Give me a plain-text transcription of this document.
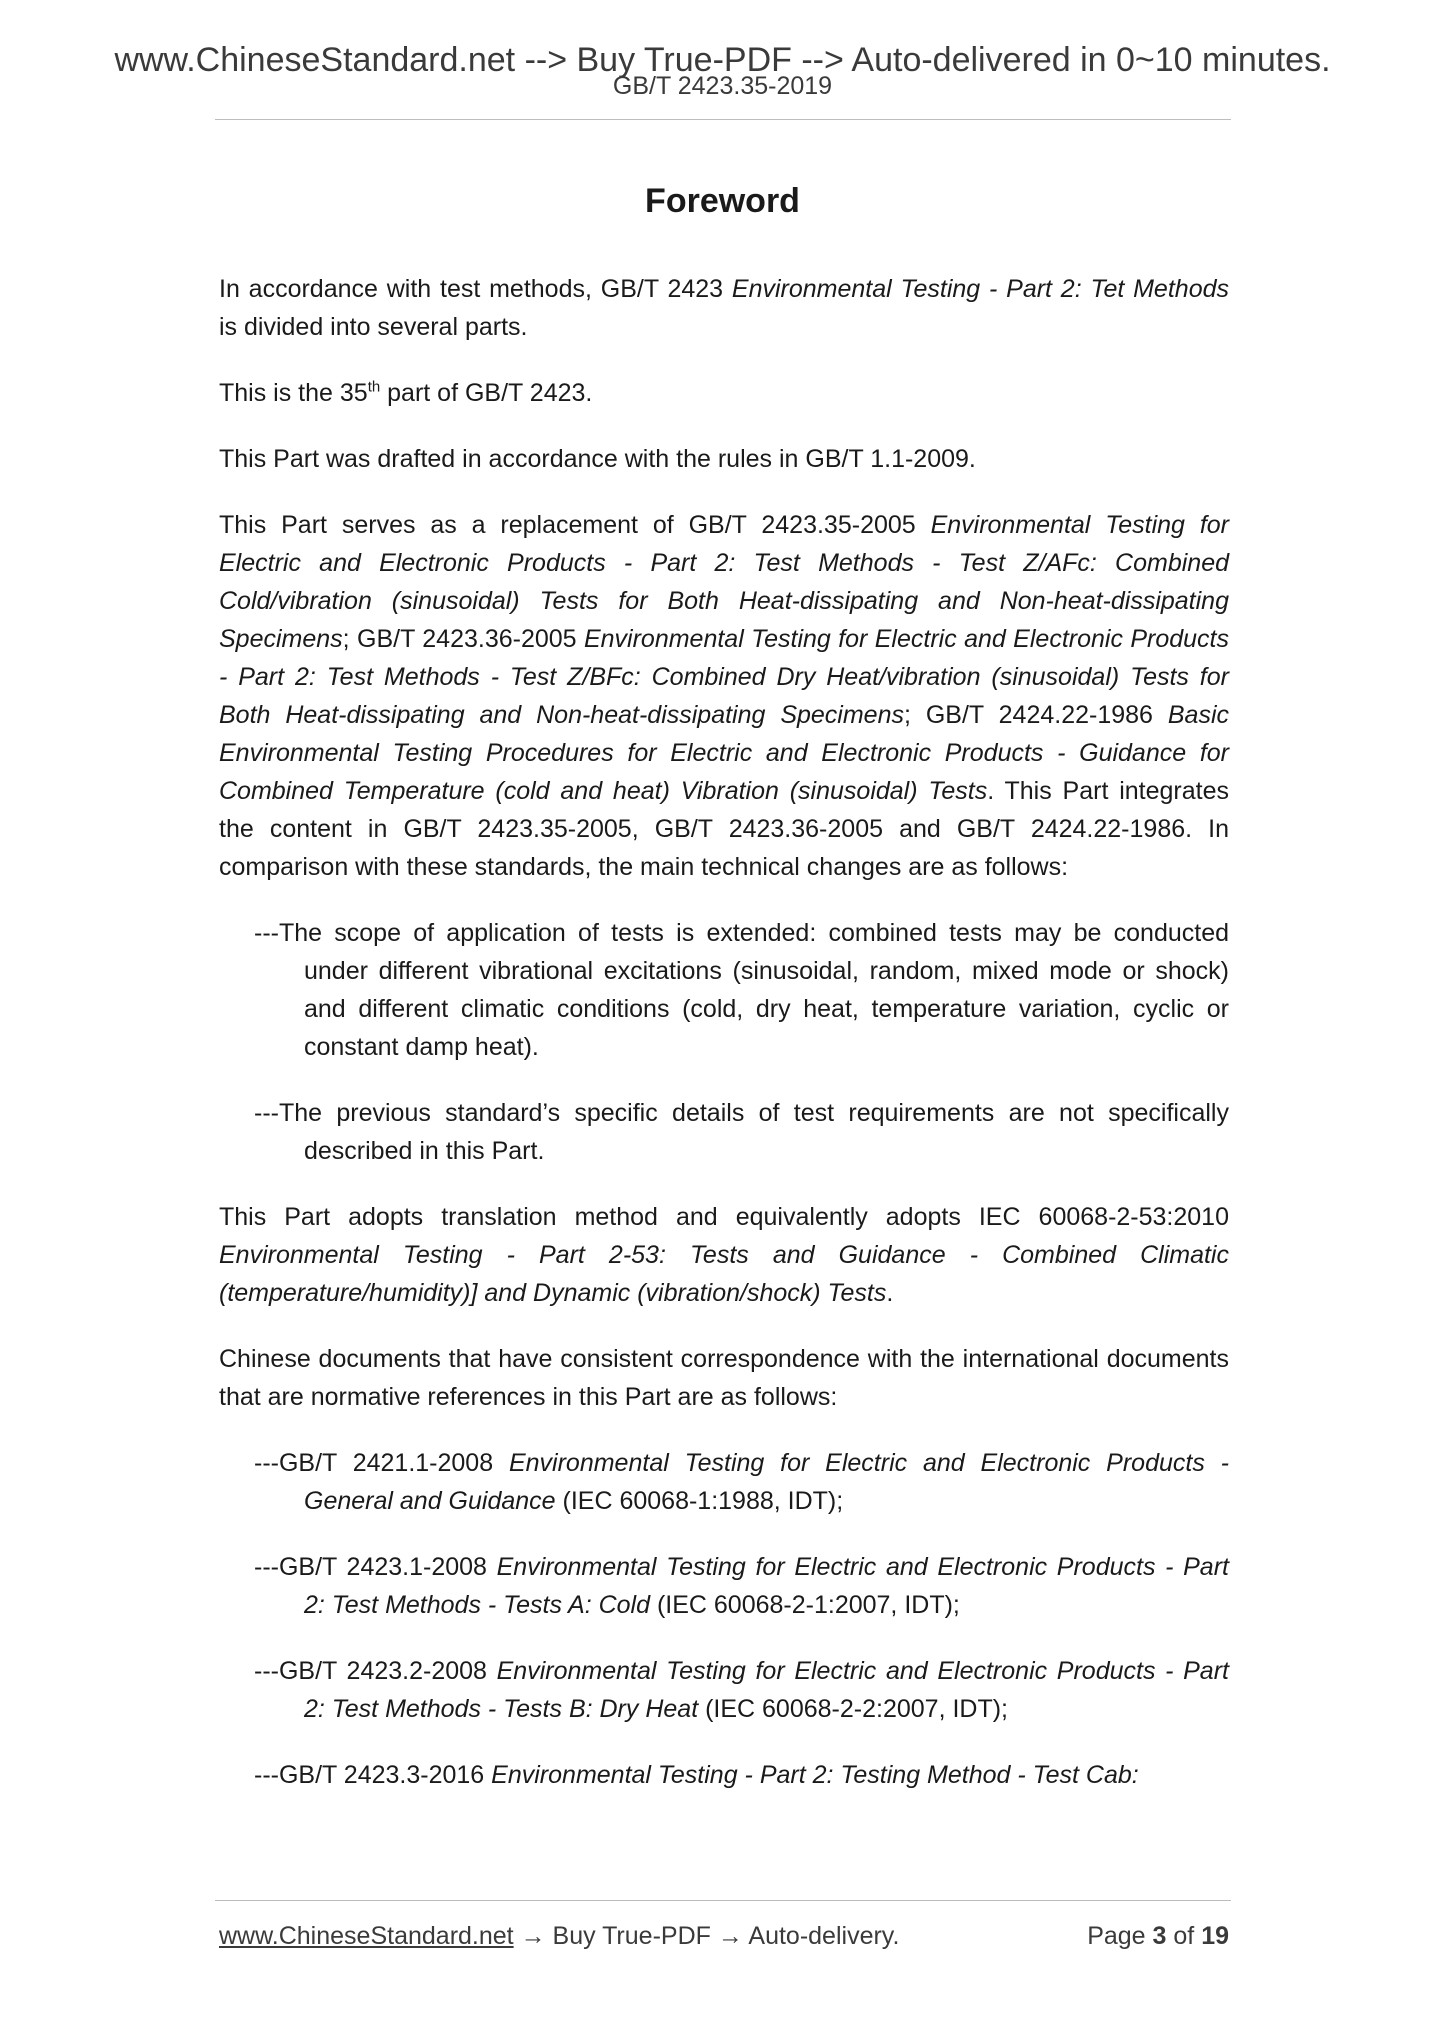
www.ChineseStandard.net --> Buy True-PDF --> Auto-delivered in 0~10 minutes.
GB/T 2423.35-2019
Foreword

In accordance with test methods, GB/T 2423 Environmental Testing - Part 2: Tet Methods is divided into several parts.

This is the 35th part of GB/T 2423.

This Part was drafted in accordance with the rules in GB/T 1.1-2009.

This Part serves as a replacement of GB/T 2423.35-2005 Environmental Testing for Electric and Electronic Products - Part 2: Test Methods - Test Z/AFc: Combined Cold/vibration (sinusoidal) Tests for Both Heat-dissipating and Non-heat-dissipating Specimens; GB/T 2423.36-2005 Environmental Testing for Electric and Electronic Products - Part 2: Test Methods - Test Z/BFc: Combined Dry Heat/vibration (sinusoidal) Tests for Both Heat-dissipating and Non-heat-dissipating Specimens; GB/T 2424.22-1986 Basic Environmental Testing Procedures for Electric and Electronic Products - Guidance for Combined Temperature (cold and heat) Vibration (sinusoidal) Tests. This Part integrates the content in GB/T 2423.35-2005, GB/T 2423.36-2005 and GB/T 2424.22-1986. In comparison with these standards, the main technical changes are as follows:

---The scope of application of tests is extended: combined tests may be conducted under different vibrational excitations (sinusoidal, random, mixed mode or shock) and different climatic conditions (cold, dry heat, temperature variation, cyclic or constant damp heat).

---The previous standard’s specific details of test requirements are not specifically described in this Part.

This Part adopts translation method and equivalently adopts IEC 60068-2-53:2010 Environmental Testing - Part 2-53: Tests and Guidance - Combined Climatic (temperature/humidity)] and Dynamic (vibration/shock) Tests.

Chinese documents that have consistent correspondence with the international documents that are normative references in this Part are as follows:

---GB/T 2421.1-2008 Environmental Testing for Electric and Electronic Products - General and Guidance (IEC 60068-1:1988, IDT);

---GB/T 2423.1-2008 Environmental Testing for Electric and Electronic Products - Part 2: Test Methods - Tests A: Cold (IEC 60068-2-1:2007, IDT);

---GB/T 2423.2-2008 Environmental Testing for Electric and Electronic Products - Part 2: Test Methods - Tests B: Dry Heat (IEC 60068-2-2:2007, IDT);

---GB/T 2423.3-2016 Environmental Testing - Part 2: Testing Method - Test Cab:

www.ChineseStandard.net → Buy True-PDF → Auto-delivery.	Page 3 of 19
